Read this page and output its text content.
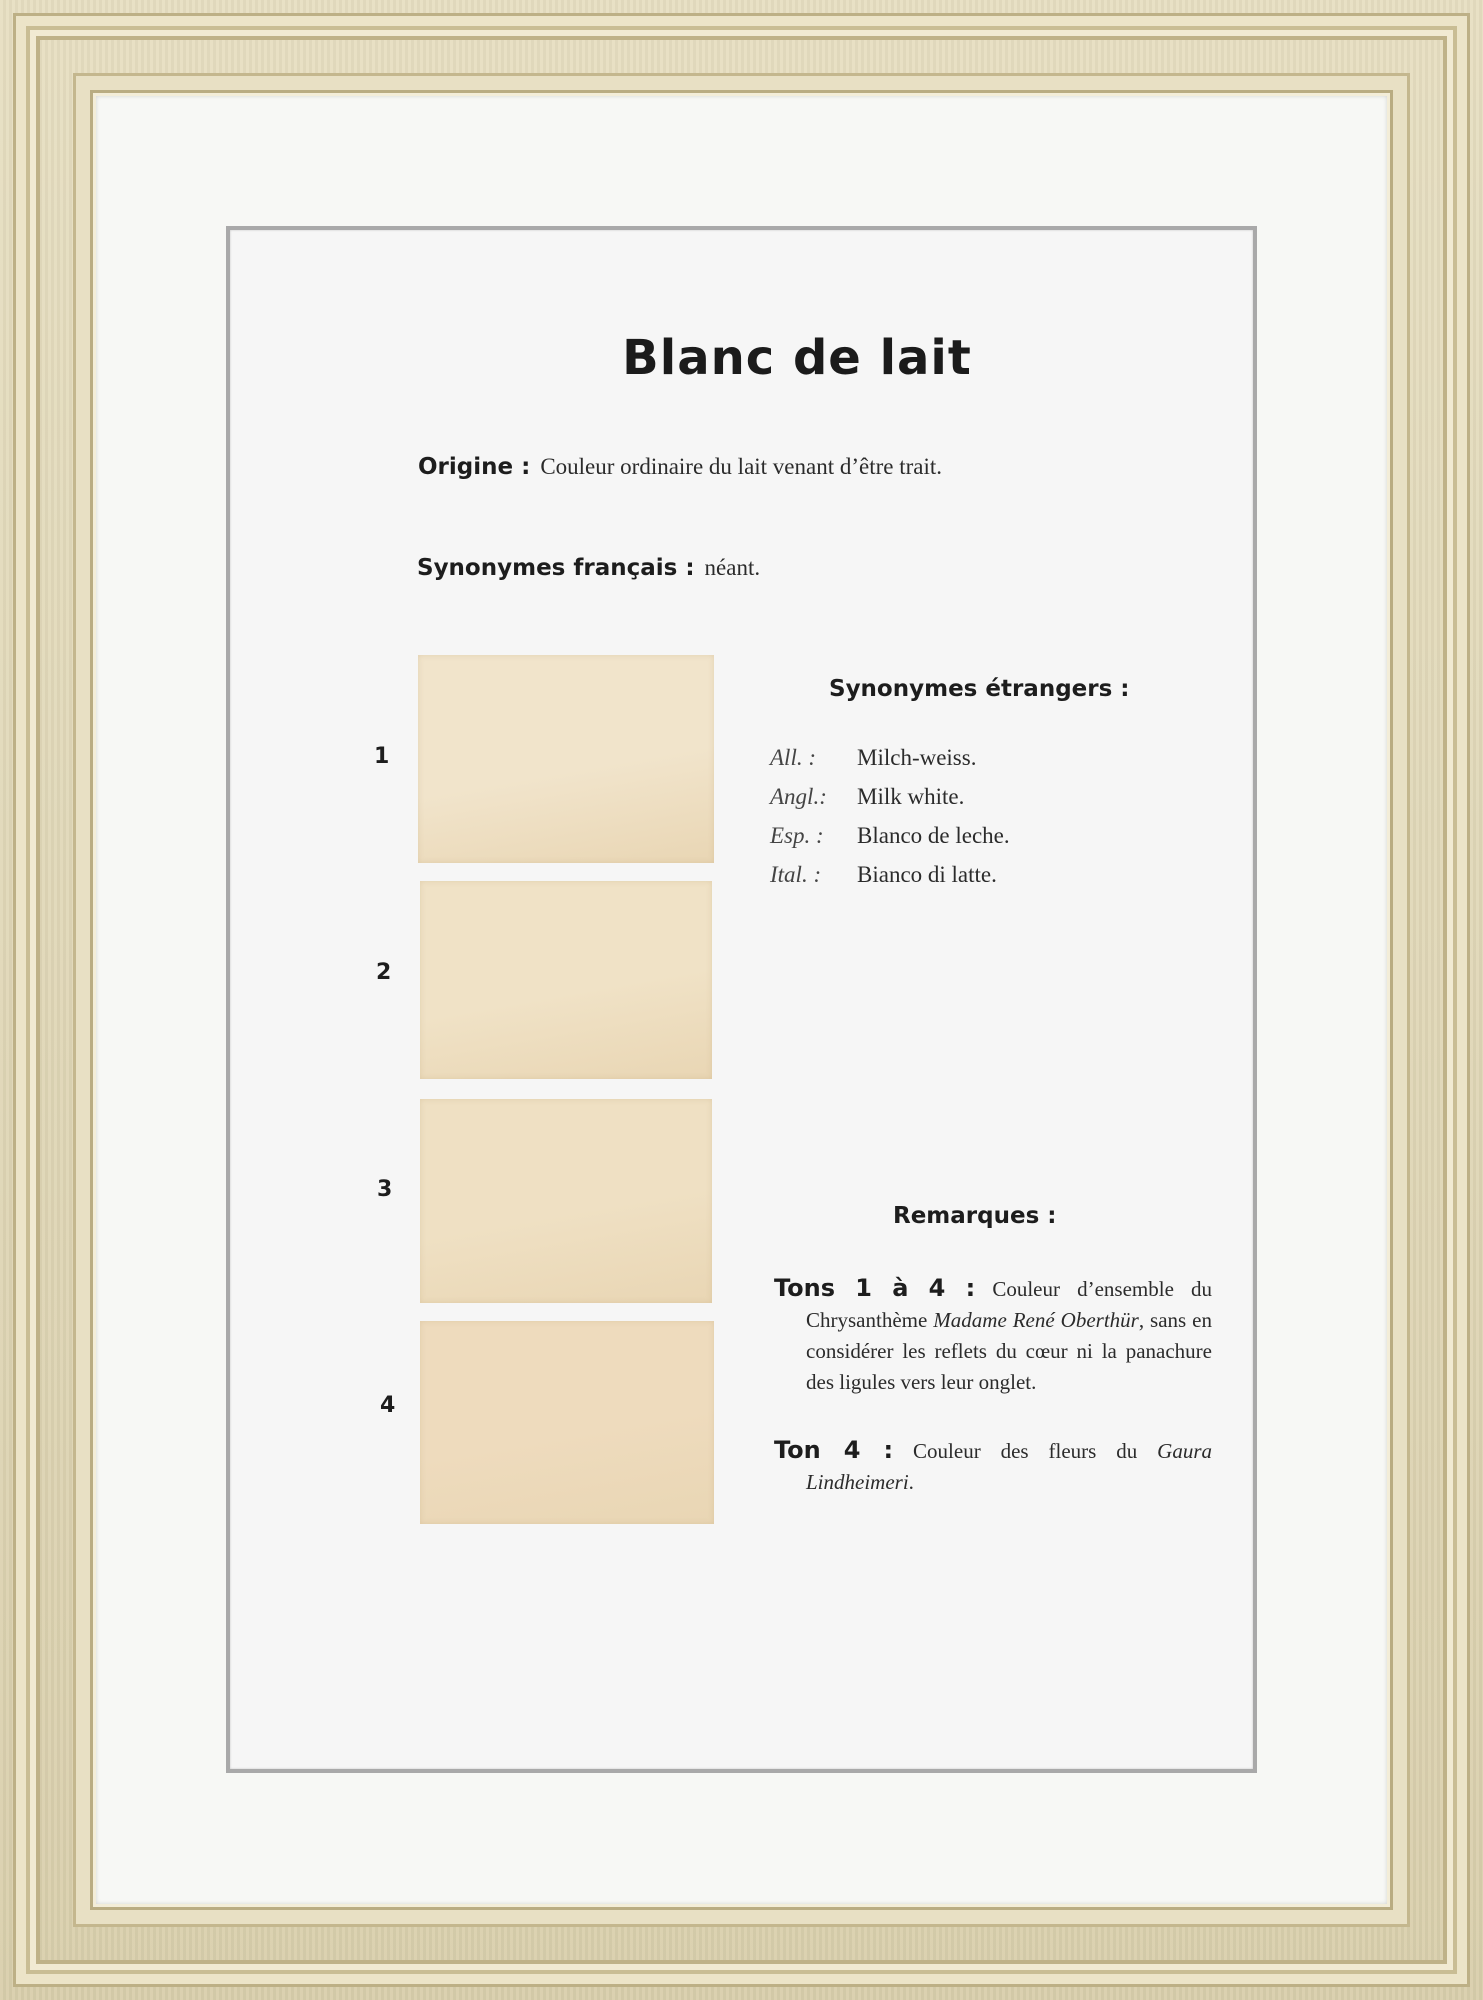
Blanc de lait
Origine : Couleur ordinaire du lait venant d’être trait.
Synonymes français : néant.
1
2
3
4
Synonymes étrangers :
All. : Milch-weiss.
Angl.: Milk white.
Esp. : Blanco de leche.
Ital. : Bianco di latte.
Remarques :
Tons 1 à 4 : Couleur d’ensemble du Chrysanthème Madame René Oberthür, sans en considérer les reflets du cœur ni la panachure des ligules vers leur onglet.
Ton 4 : Couleur des fleurs du Gaura Lindheimeri.
